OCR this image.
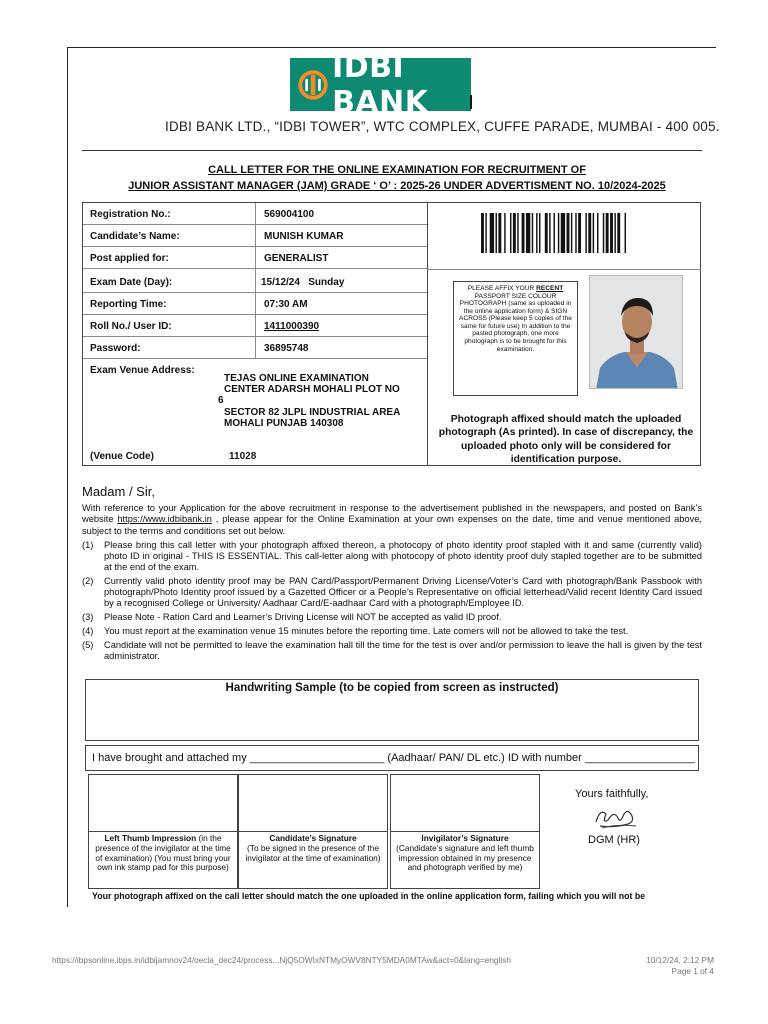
IDBI BANK
IDBI BANK LTD., “IDBI TOWER”, WTC COMPLEX, CUFFE PARADE, MUMBAI - 400 005.
CALL LETTER FOR THE ONLINE EXAMINATION FOR RECRUITMENT OF
JUNIOR ASSISTANT MANAGER (JAM) GRADE ‘ O’ : 2025-26 UNDER ADVERTISMENT NO. 10/2024-2025
Registration No.:	569004100
Candidate’s Name:	MUNISH KUMAR
Post applied for:	GENERALIST
Exam Date (Day):	15/12/24   Sunday
Reporting Time:	07:30 AM
Roll No./ User ID:	1411000390
Password:	36895748
Exam Venue Address:
TEJAS ONLINE EXAMINATION
CENTER ADARSH MOHALI PLOT NO
6
SECTOR 82 JLPL INDUSTRIAL AREA
MOHALI PUNJAB 140308
(Venue Code)	11028
PLEASE AFFIX YOUR RECENT PASSPORT SIZE COLOUR PHOTOGRAPH (same as uploaded in the online application form) & SIGN ACROSS (Please keep 5 copies of the same for future use) In addition to the pasted photograph, one more photograph is to be brought for this examination.
Photograph affixed should match the uploaded photograph (As printed). In case of discrepancy, the uploaded photo only will be considered for identification purpose.
Madam / Sir,
With reference to your Application for the above recruitment in response to the advertisement published in the newspapers, and posted on Bank’s website https://www.idbibank.in , please appear for the Online Examination at your own expenses on the date, time and venue mentioned above, subject to the terms and conditions set out below.
(1) Please bring this call letter with your photograph affixed thereon, a photocopy of photo identity proof stapled with it and same (currently valid) photo ID in original - THIS IS ESSENTIAL. This call-letter along with photocopy of photo identity proof duly stapled together are to be submitted at the end of the exam.
(2) Currently valid photo identity proof may be PAN Card/Passport/Permanent Driving License/Voter’s Card with photograph/Bank Passbook with photograph/Photo Identity proof issued by a Gazetted Officer or a People’s Representative on official letterhead/Valid recent Identity Card issued by a recognised College or University/ Aadhaar Card/E-aadhaar Card with a photograph/Employee ID.
(3) Please Note - Ration Card and Learner’s Driving License will NOT be accepted as valid ID proof.
(4) You must report at the examination venue 15 minutes before the reporting time. Late comers will not be allowed to take the test.
(5) Candidate will not be permitted to leave the examination hall till the time for the test is over and/or permission to leave the hall is given by the test administrator.
Handwriting Sample (to be copied from screen as instructed)
I have brought and attached my ______________________ (Aadhaar/ PAN/ DL etc.) ID with number __________________
Left Thumb Impression (in the presence of the invigilator at the time of examination) (You must bring your own ink stamp pad for this purpose)
Candidate’s Signature
(To be signed in the presence of the invigilator at the time of examination)
Invigilator’s Signature
(Candidate’s signature and left thumb impression obtained in my presence and photograph verified by me)
Yours faithfully,
DGM (HR)
Your photograph affixed on the call letter should match the one uploaded in the online application form, failing which you will not be
https://ibpsonline.ibps.in/idbijamnov24/oecla_dec24/process...NjQ5OWIxNTMyOWV8NTY5MDA0MTAw&act=0&lang=english	10/12/24, 2:12 PM
Page 1 of 4
